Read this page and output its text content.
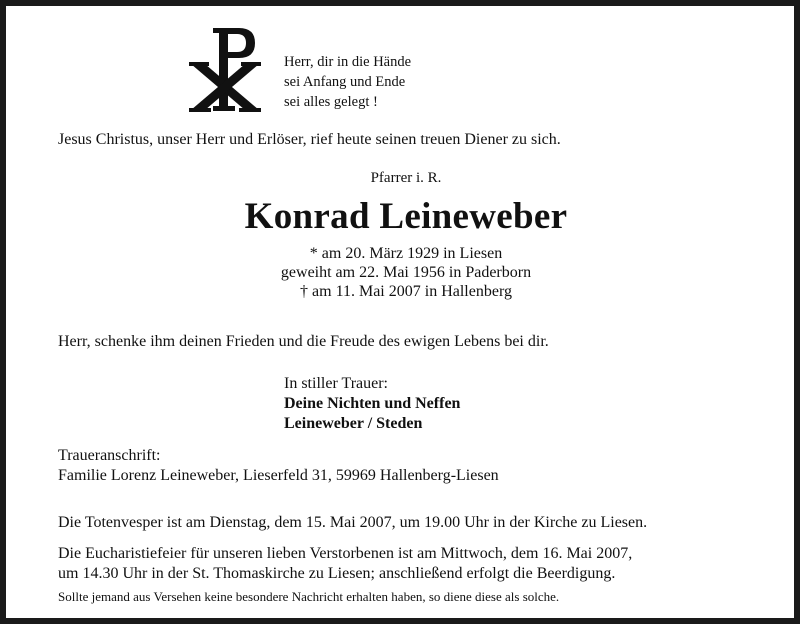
Herr, dir in die Hände
sei Anfang und Ende
sei alles gelegt !
Jesus Christus, unser Herr und Erlöser, rief heute seinen treuen Diener zu sich.
Pfarrer i. R.
Konrad Leineweber
* am 20. März 1929 in Liesen
geweiht am 22. Mai 1956 in Paderborn
† am 11. Mai 2007 in Hallenberg
Herr, schenke ihm deinen Frieden und die Freude des ewigen Lebens bei dir.
In stiller Trauer:
Deine Nichten und Neffen
Leineweber / Steden
Traueranschrift:
Familie Lorenz Leineweber, Lieserfeld 31, 59969 Hallenberg-Liesen
Die Totenvesper ist am Dienstag, dem 15. Mai 2007, um 19.00 Uhr in der Kirche zu Liesen.
Die Eucharistiefeier für unseren lieben Verstorbenen ist am Mittwoch, dem 16. Mai 2007,
um 14.30 Uhr in der St. Thomaskirche zu Liesen; anschließend erfolgt die Beerdigung.
Sollte jemand aus Versehen keine besondere Nachricht erhalten haben, so diene diese als solche.
